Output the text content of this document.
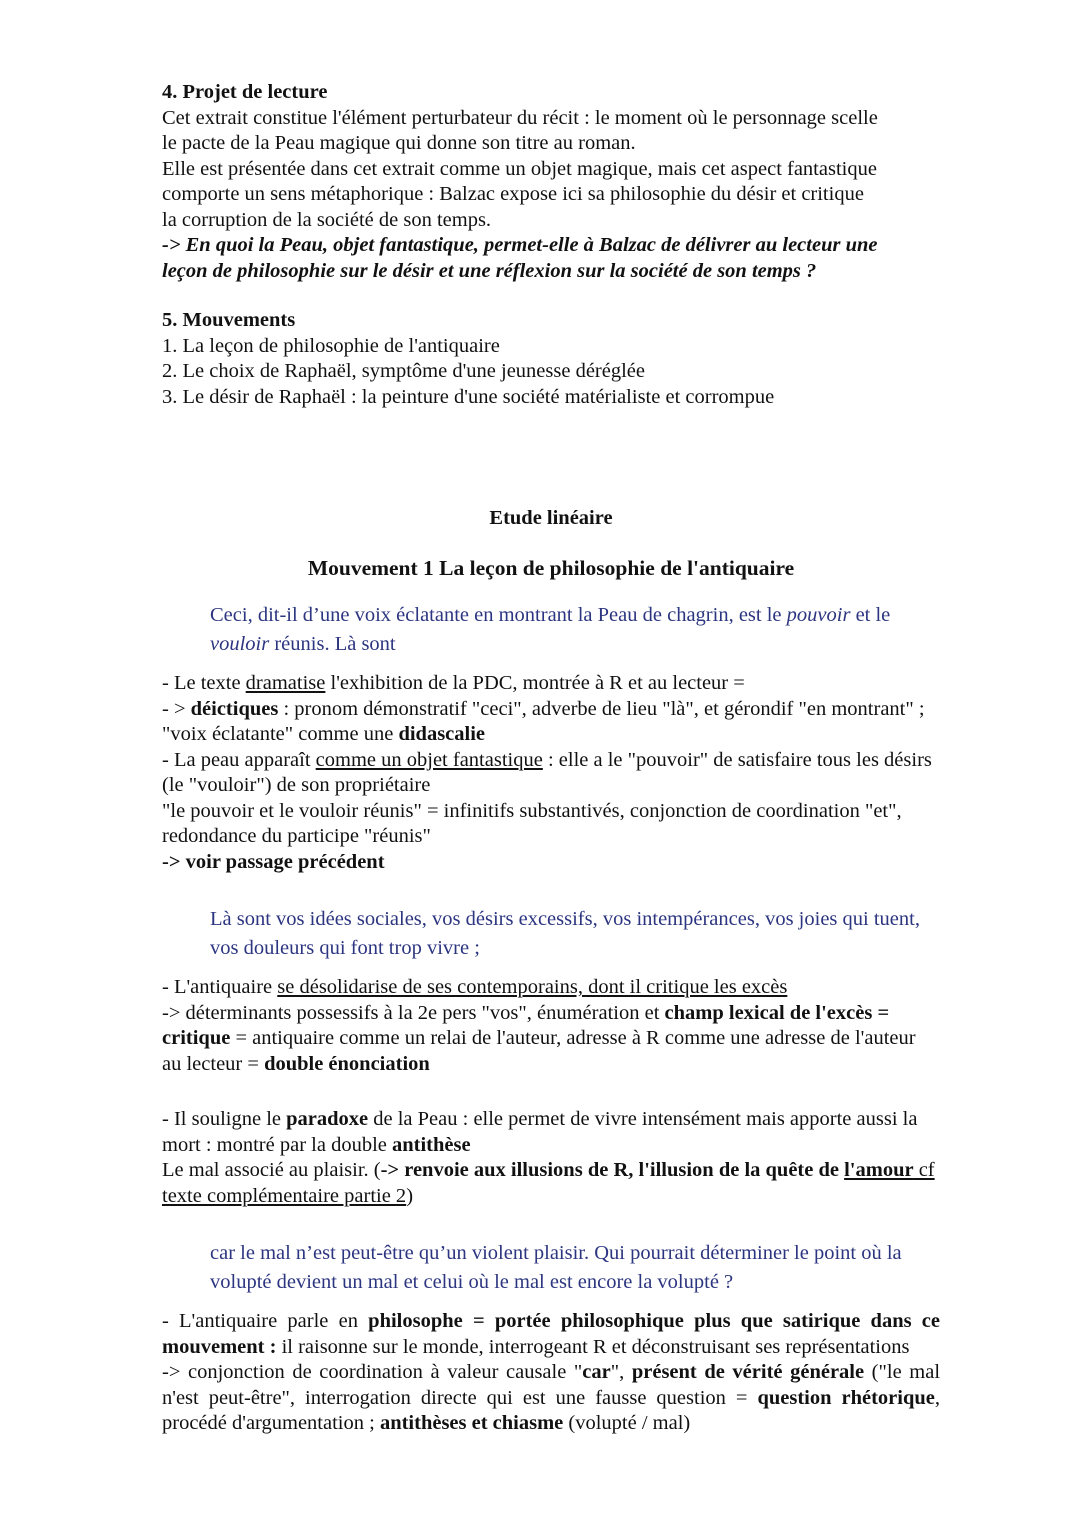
4. Projet de lecture

Cet extrait constitue l'élément perturbateur du récit : le moment où le personnage scelle
le pacte de la Peau magique qui donne son titre au roman.

Elle est présentée dans cet extrait comme un objet magique, mais cet aspect fantastique
comporte un sens métaphorique : Balzac expose ici sa philosophie du désir et critique
la corruption de la société de son temps.

-> En quoi la Peau, objet fantastique, permet-elle à Balzac de délivrer au lecteur une
leçon de philosophie sur le désir et une réflexion sur la société de son temps ?

5. Mouvements

1. La leçon de philosophie de l'antiquaire
2. Le choix de Raphaël, symptôme d'une jeunesse déréglée
3. Le désir de Raphaël : la peinture d'une société matérialiste et corrompue

Etude linéaire

Mouvement 1 La leçon de philosophie de l'antiquaire

Ceci, dit-il d’une voix éclatante en montrant la Peau de chagrin, est le pouvoir et le vouloir réunis. Là sont

- Le texte dramatise l'exhibition de la PDC, montrée à R et au lecteur =
- > déictiques : pronom démonstratif "ceci", adverbe de lieu "là", et gérondif "en montrant" ; "voix éclatante" comme une didascalie
- La peau apparaît comme un objet fantastique : elle a le "pouvoir" de satisfaire tous les désirs (le "vouloir") de son propriétaire
"le pouvoir et le vouloir réunis" = infinitifs substantivés, conjonction de coordination "et", redondance du participe "réunis"
-> voir passage précédent

Là sont vos idées sociales, vos désirs excessifs, vos intempérances, vos joies qui tuent, vos douleurs qui font trop vivre ;

- L'antiquaire se désolidarise de ses contemporains, dont il critique les excès
-> déterminants possessifs à la 2e pers "vos", énumération et champ lexical de l'excès = critique = antiquaire comme un relai de l'auteur, adresse à R comme une adresse de l'auteur au lecteur = double énonciation

- Il souligne le paradoxe de la Peau : elle permet de vivre intensément mais apporte aussi la mort : montré par la double antithèse
Le mal associé au plaisir. (-> renvoie aux illusions de R, l'illusion de la quête de l'amour cf texte complémentaire partie 2)

car le mal n’est peut-être qu’un violent plaisir. Qui pourrait déterminer le point où la volupté devient un mal et celui où le mal est encore la volupté ?

- L'antiquaire parle en philosophe = portée philosophique plus que satirique dans ce mouvement : il raisonne sur le monde, interrogeant R et déconstruisant ses représentations

-> conjonction de coordination à valeur causale "car", présent de vérité générale ("le mal n'est peut-être", interrogation directe qui est une fausse question = question rhétorique, procédé d'argumentation ; antithèses et chiasme (volupté / mal)
